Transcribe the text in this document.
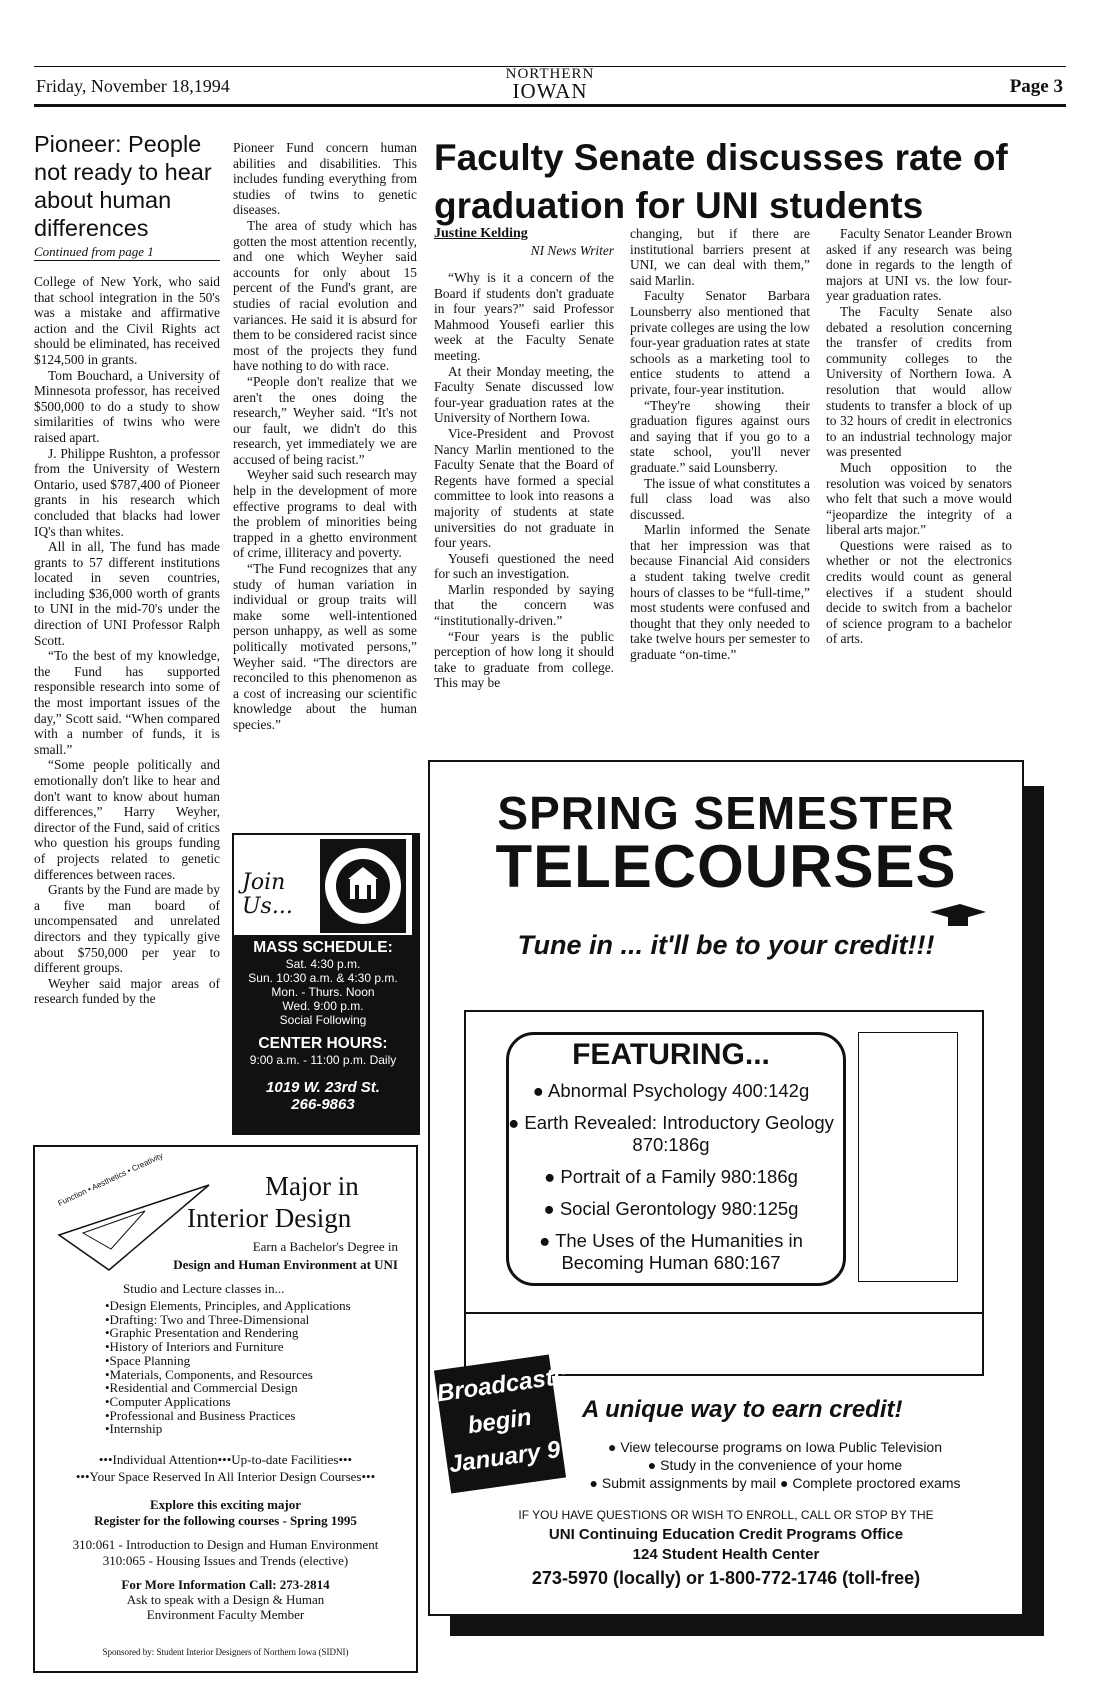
Friday, November 18,1994
NORTHERN
IOWAN	Page 3
Pioneer: People not ready to hear about human differences
Continued from page 1

College of New York, who said that school integration in the 50's was a mistake and affirmative action and the Civil Rights act should be eliminated, has received $124,500 in grants.

Tom Bouchard, a University of Minnesota professor, has received $500,000 to do a study to show similarities of twins who were raised apart.

J. Philippe Rushton, a professor from the University of Western Ontario, used $787,400 of Pioneer grants in his research which concluded that blacks had lower IQ's than whites.

All in all, The fund has made grants to 57 different institutions located in seven countries, including $36,000 worth of grants to UNI in the mid-70's under the direction of UNI Professor Ralph Scott.

“To the best of my knowledge, the Fund has supported responsible research into some of the most important issues of the day,” Scott said. “When compared with a number of funds, it is small.”

“Some people politically and emotionally don't like to hear and don't want to know about human differences,” Harry Weyher, director of the Fund, said of critics who question his groups funding of projects related to genetic differences between races.

Grants by the Fund are made by a five man board of uncompensated and unrelated directors and they typically give about $750,000 per year to different groups.

Weyher said major areas of research funded by the

Pioneer Fund concern human abilities and disabilities. This includes funding everything from studies of twins to genetic diseases.

The area of study which has gotten the most attention recently, and one which Weyher said accounts for only about 15 percent of the Fund's grant, are studies of racial evolution and variances. He said it is absurd for them to be considered racist since most of the projects they fund have nothing to do with race.

“People don't realize that we aren't the ones doing the research,” Weyher said. “It's not our fault, we didn't do this research, yet immediately we are accused of being racist.”

Weyher said such research may help in the development of more effective programs to deal with the problem of minorities being trapped in a ghetto environment of crime, illiteracy and poverty.

“The Fund recognizes that any study of human variation in individual or group traits will make some well-intentioned person unhappy, as well as some politically motivated persons,” Weyher said. “The directors are reconciled to this phenomenon as a cost of increasing our scientific knowledge about the human species.”

Faculty Senate discusses rate of graduation for UNI students
Justine Kelding
NI News Writer

“Why is it a concern of the Board if students don't graduate in four years?” said Professor Mahmood Yousefi earlier this week at the Faculty Senate meeting.

At their Monday meeting, the Faculty Senate discussed low four-year graduation rates at the University of Northern Iowa.

Vice-President and Provost Nancy Marlin mentioned to the Faculty Senate that the Board of Regents have formed a special committee to look into reasons a majority of students at state universities do not graduate in four years.

Yousefi questioned the need for such an investigation.

Marlin responded by saying that the concern was “institutionally-driven.”

“Four years is the public perception of how long it should take to graduate from college. This may be

changing, but if there are institutional barriers present at UNI, we can deal with them,” said Marlin.

Faculty Senator Barbara Lounsberry also mentioned that private colleges are using the low four-year graduation rates at state schools as a marketing tool to entice students to attend a private, four-year institution.

“They're showing their graduation figures against ours and saying that if you go to a state school, you'll never graduate.” said Lounsberry.

The issue of what constitutes a full class load was also discussed.

Marlin informed the Senate that her impression was that because Financial Aid considers a student taking twelve credit hours of classes to be “full-time,” most students were confused and thought that they only needed to take twelve hours per semester to graduate “on-time.”

Faculty Senator Leander Brown asked if any research was being done in regards to the length of majors at UNI vs. the low four-year graduation rates.

The Faculty Senate also debated a resolution concerning the transfer of credits from community colleges to the University of Northern Iowa. A resolution that would allow students to transfer a block of up to 32 hours of credit in electronics to an industrial technology major was presented

Much opposition to the resolution was voiced by senators who felt that such a move would “jeopardize the integrity of a liberal arts major.”

Questions were raised as to whether or not the electronics credits would count as general electives if a student should decide to switch from a bachelor of science program to a bachelor of arts.

Join Us...
MASS SCHEDULE:
Sat. 4:30 p.m.
Sun. 10:30 a.m. & 4:30 p.m.
Mon. - Thurs. Noon
Wed. 9:00 p.m.
Social Following
CENTER HOURS:
9:00 a.m. - 11:00 p.m. Daily
1019 W. 23rd St.
266-9863
Function • Aesthetics • Creativity	Major in
Interior Design
Earn a Bachelor's Degree in
Design and Human Environment at UNI
Studio and Lecture classes in...
•Design Elements, Principles, and Applications
•Drafting: Two and Three-Dimensional
•Graphic Presentation and Rendering
•History of Interiors and Furniture
•Space Planning
•Materials, Components, and Resources
•Residential and Commercial Design
•Computer Applications
•Professional and Business Practices
•Internship
•••Individual Attention•••Up-to-date Facilities•••
•••Your Space Reserved In All Interior Design Courses•••
Explore this exciting major
Register for the following courses - Spring 1995
310:061 - Introduction to Design and Human Environment
310:065 - Housing Issues and Trends (elective)
For More Information Call: 273-2814
Ask to speak with a Design & Human
Environment Faculty Member
Sponsored by: Student Interior Designers of Northern Iowa (SIDNI)
SPRING SEMESTER
TELECOURSES
Tune in ... it'll be to your credit!!!
FEATURING...
● Abnormal Psychology 400:142g
● Earth Revealed: Introductory Geology 870:186g
● Portrait of a Family 980:186g
● Social Gerontology 980:125g
● The Uses of the Humanities in Becoming Human 680:167
Broadcasts
begin
January 9
A unique way to earn credit!
● View telecourse programs on Iowa Public Television
● Study in the convenience of your home
● Submit assignments by mail ● Complete proctored exams
IF YOU HAVE QUESTIONS OR WISH TO ENROLL, CALL OR STOP BY THE
UNI Continuing Education Credit Programs Office
124 Student Health Center
273-5970 (locally) or 1-800-772-1746 (toll-free)
